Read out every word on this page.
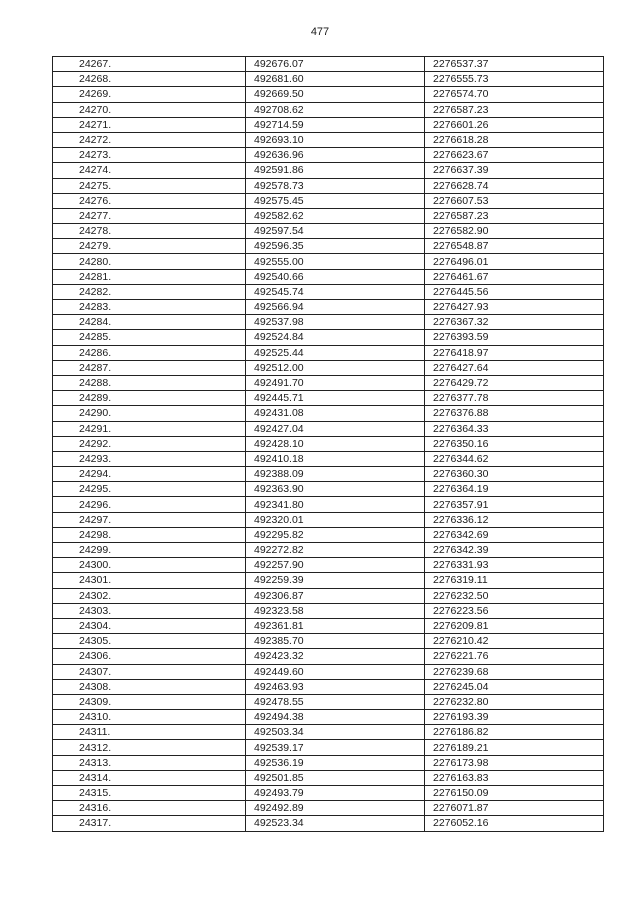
477
24267.	492676.07	2276537.37
24268.	492681.60	2276555.73
24269.	492669.50	2276574.70
24270.	492708.62	2276587.23
24271.	492714.59	2276601.26
24272.	492693.10	2276618.28
24273.	492636.96	2276623.67
24274.	492591.86	2276637.39
24275.	492578.73	2276628.74
24276.	492575.45	2276607.53
24277.	492582.62	2276587.23
24278.	492597.54	2276582.90
24279.	492596.35	2276548.87
24280.	492555.00	2276496.01
24281.	492540.66	2276461.67
24282.	492545.74	2276445.56
24283.	492566.94	2276427.93
24284.	492537.98	2276367.32
24285.	492524.84	2276393.59
24286.	492525.44	2276418.97
24287.	492512.00	2276427.64
24288.	492491.70	2276429.72
24289.	492445.71	2276377.78
24290.	492431.08	2276376.88
24291.	492427.04	2276364.33
24292.	492428.10	2276350.16
24293.	492410.18	2276344.62
24294.	492388.09	2276360.30
24295.	492363.90	2276364.19
24296.	492341.80	2276357.91
24297.	492320.01	2276336.12
24298.	492295.82	2276342.69
24299.	492272.82	2276342.39
24300.	492257.90	2276331.93
24301.	492259.39	2276319.11
24302.	492306.87	2276232.50
24303.	492323.58	2276223.56
24304.	492361.81	2276209.81
24305.	492385.70	2276210.42
24306.	492423.32	2276221.76
24307.	492449.60	2276239.68
24308.	492463.93	2276245.04
24309.	492478.55	2276232.80
24310.	492494.38	2276193.39
24311.	492503.34	2276186.82
24312.	492539.17	2276189.21
24313.	492536.19	2276173.98
24314.	492501.85	2276163.83
24315.	492493.79	2276150.09
24316.	492492.89	2276071.87
24317.	492523.34	2276052.16
